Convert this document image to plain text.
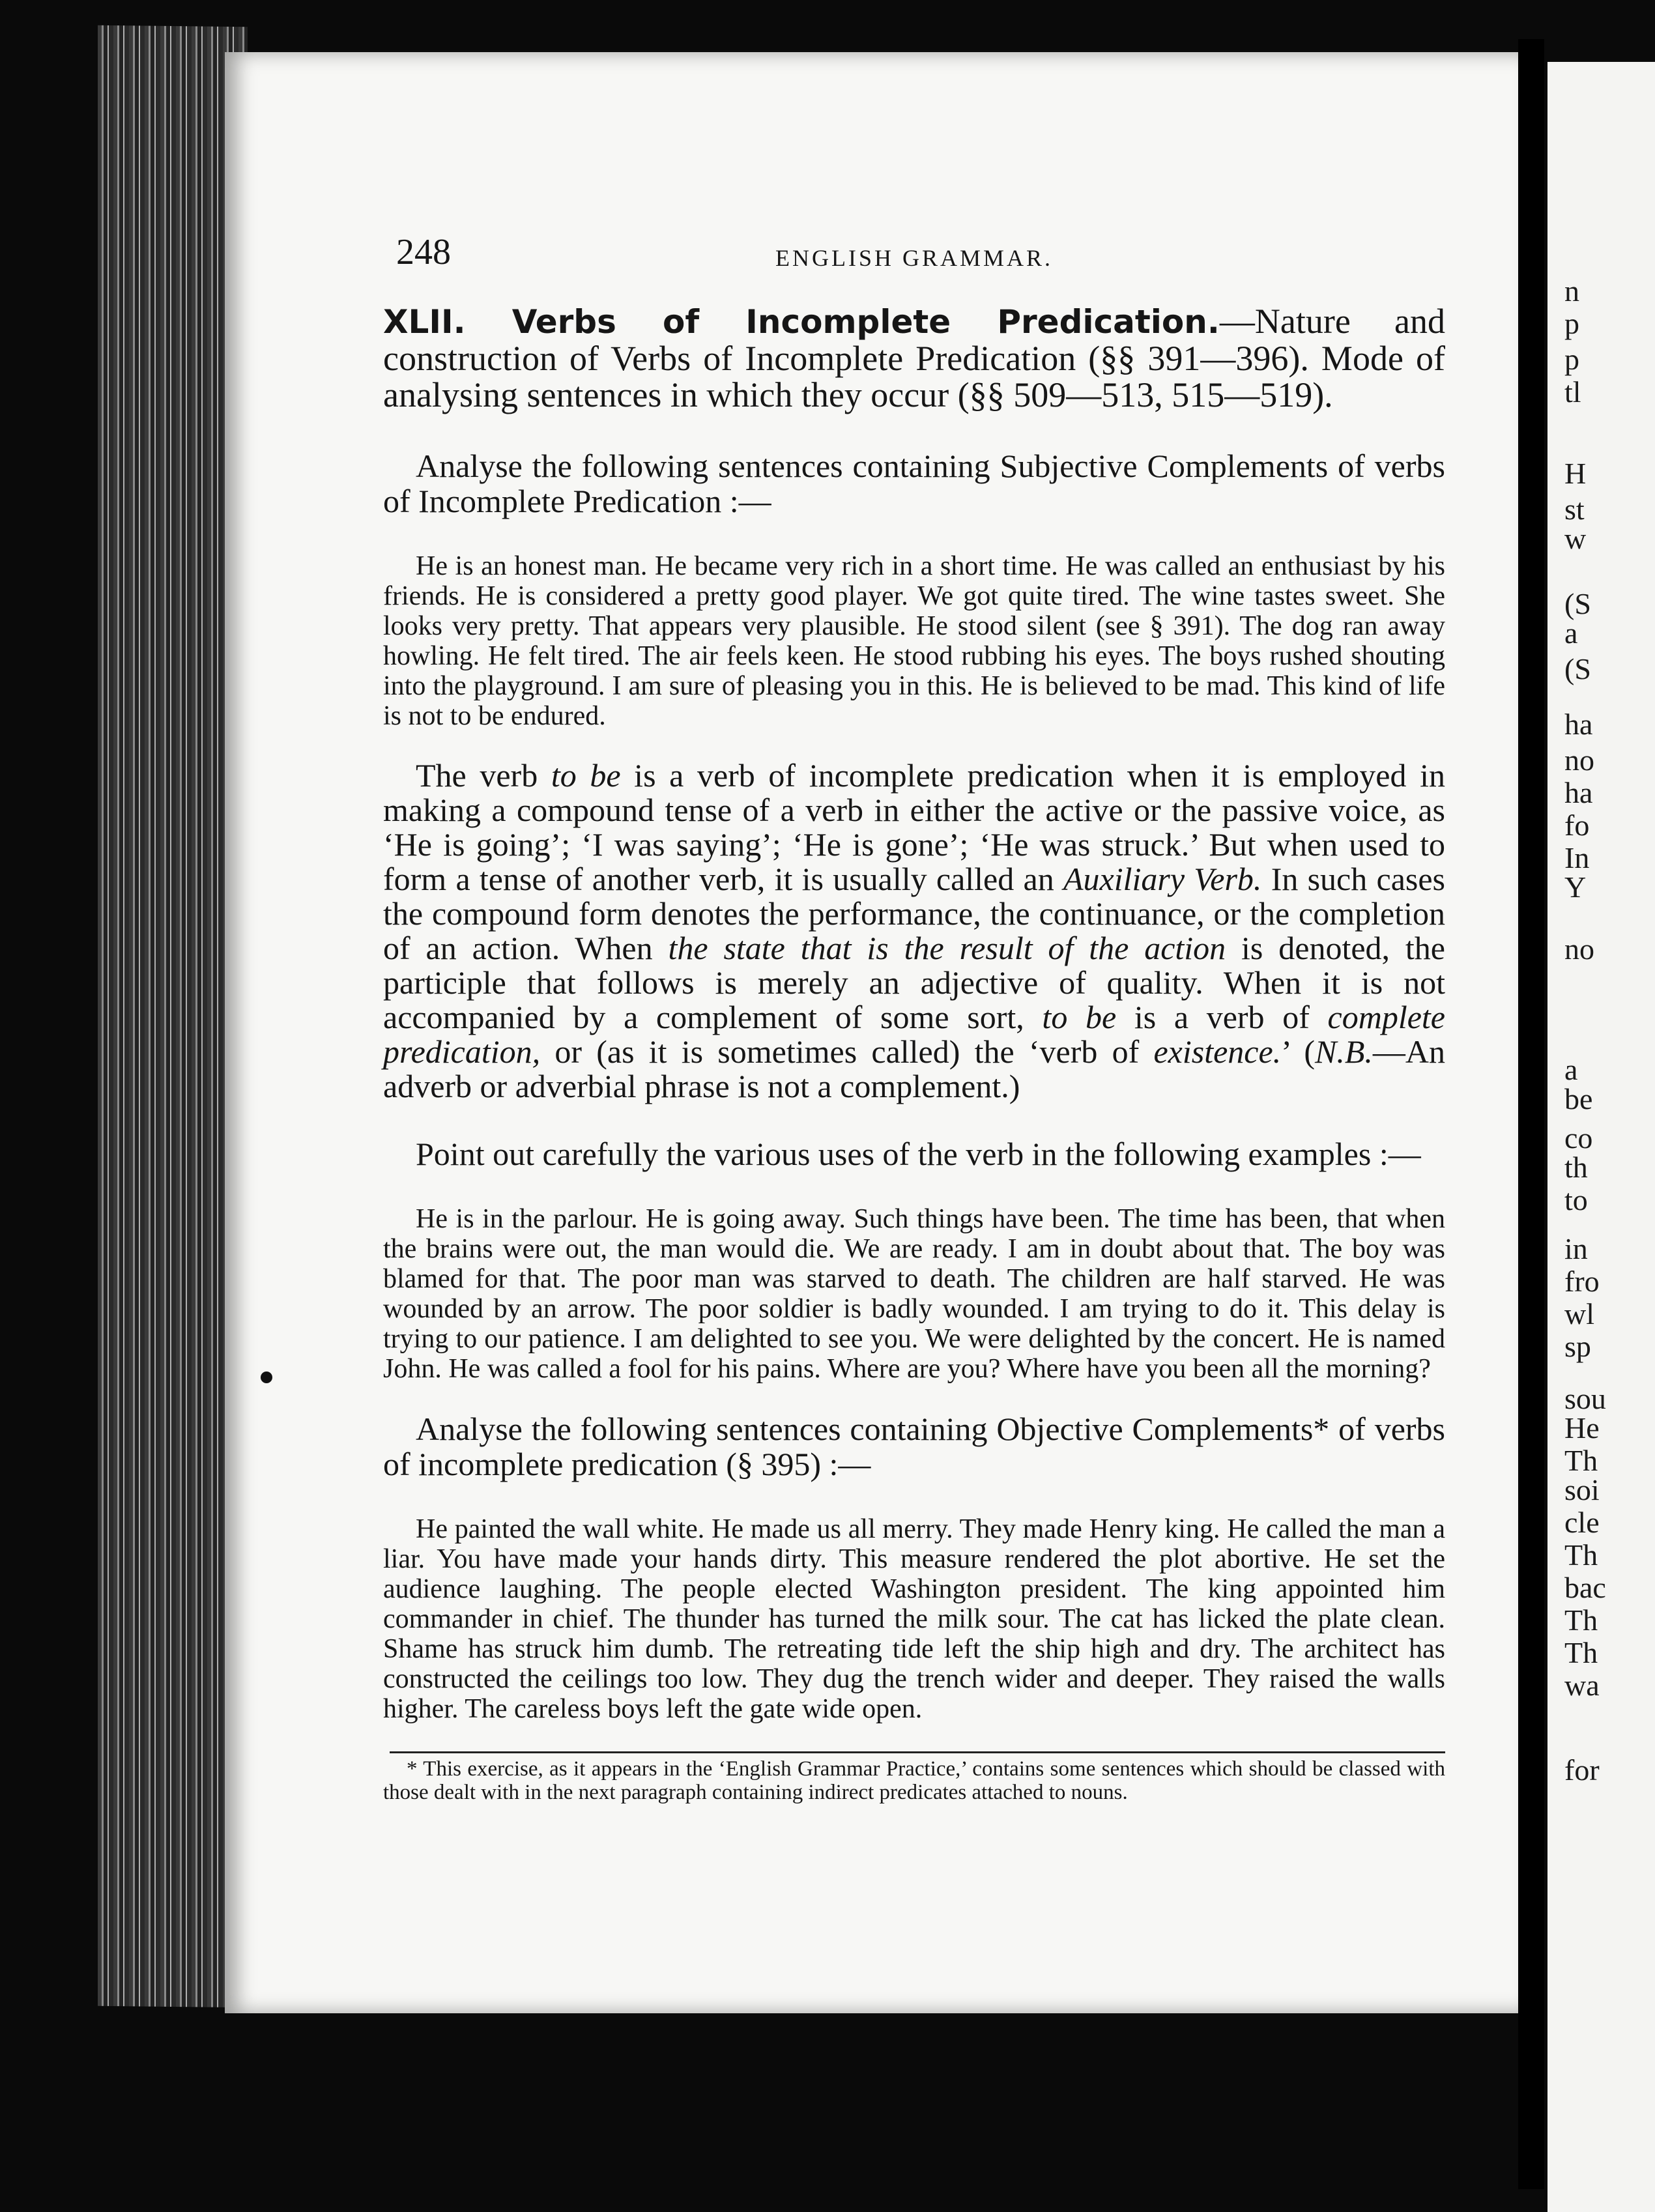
n
p
p
tl
H
st
w
(S
a
(S
ha
no
ha
fo
In
Y
no
a
be
co
th
to
in
fro
wl
sp
sou
He
Th
soi
cle
Th
bac
Th
Th
wa
for
248	ENGLISH GRAMMAR.

XLII. Verbs of Incomplete Predication.—Nature and construction of Verbs of Incomplete Predication (§§ 391—396). Mode of analysing sentences in which they occur (§§ 509—513, 515—519).

Analyse the following sentences containing Subjective Complements of verbs of Incomplete Predication :—

He is an honest man. He became very rich in a short time. He was called an enthusiast by his friends. He is considered a pretty good player. We got quite tired. The wine tastes sweet. She looks very pretty. That appears very plausible. He stood silent (see § 391). The dog ran away howling. He felt tired. The air feels keen. He stood rubbing his eyes. The boys rushed shouting into the playground. I am sure of pleasing you in this. He is believed to be mad. This kind of life is not to be endured.

The verb to be is a verb of incomplete predication when it is employed in making a compound tense of a verb in either the active or the passive voice, as ‘He is going’; ‘I was saying’; ‘He is gone’; ‘He was struck.’ But when used to form a tense of another verb, it is usually called an Auxiliary Verb. In such cases the compound form denotes the performance, the continuance, or the completion of an action. When the state that is the result of the action is denoted, the participle that follows is merely an adjective of quality. When it is not accompanied by a complement of some sort, to be is a verb of complete predication, or (as it is sometimes called) the ‘verb of existence.’ (N.B.—An adverb or adverbial phrase is not a complement.)

Point out carefully the various uses of the verb in the following examples :—

He is in the parlour. He is going away. Such things have been. The time has been, that when the brains were out, the man would die. We are ready. I am in doubt about that. The boy was blamed for that. The poor man was starved to death. The children are half starved. He was wounded by an arrow. The poor soldier is badly wounded. I am trying to do it. This delay is trying to our patience. I am delighted to see you. We were delighted by the concert. He is named John. He was called a fool for his pains. Where are you? Where have you been all the morning?

Analyse the following sentences containing Objective Complements* of verbs of incomplete predication (§ 395) :—

He painted the wall white. He made us all merry. They made Henry king. He called the man a liar. You have made your hands dirty. This measure rendered the plot abortive. He set the audience laughing. The people elected Washington president. The king appointed him commander in chief. The thunder has turned the milk sour. The cat has licked the plate clean. Shame has struck him dumb. The retreating tide left the ship high and dry. The architect has constructed the ceilings too low. They dug the trench wider and deeper. They raised the walls higher. The careless boys left the gate wide open.

* This exercise, as it appears in the ‘English Grammar Practice,’ contains some sentences which should be classed with those dealt with in the next paragraph containing indirect predicates attached to nouns.
